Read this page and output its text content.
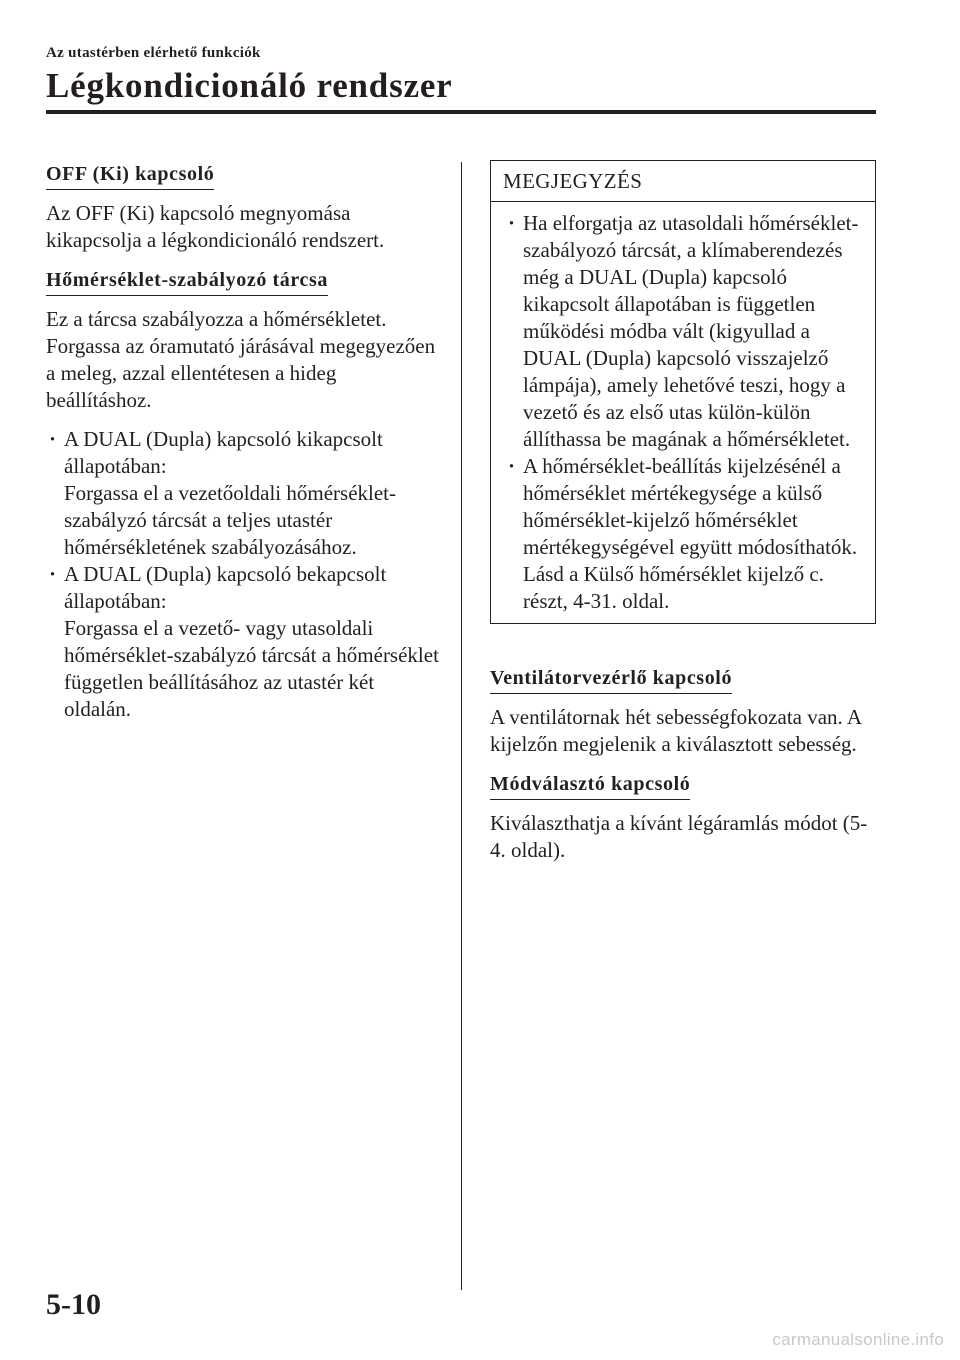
Az utastérben elérhető funkciók
Légkondicionáló rendszer
OFF (Ki) kapcsoló

Az OFF (Ki) kapcsoló megnyomása kikapcsolja a légkondicionáló rendszert.

Hőmérséklet-szabályozó tárcsa

Ez a tárcsa szabályozza a hőmérsékletet. Forgassa az óramutató járásával megegyezően a meleg, azzal ellentétesen a hideg beállításhoz.

· A DUAL (Dupla) kapcsoló kikapcsolt állapotában:
Forgassa el a vezetőoldali hőmérséklet-szabályzó tárcsát a teljes utastér hőmérsékletének szabályozásához.
· A DUAL (Dupla) kapcsoló bekapcsolt állapotában:
Forgassa el a vezető- vagy utasoldali hőmérséklet-szabályzó tárcsát a hőmérséklet független beállításához az utastér két oldalán.
MEGJEGYZÉS
· Ha elforgatja az utasoldali hőmérséklet-szabályozó tárcsát, a klímaberendezés még a DUAL (Dupla) kapcsoló kikapcsolt állapotában is független működési módba vált (kigyullad a DUAL (Dupla) kapcsoló visszajelző lámpája), amely lehetővé teszi, hogy a vezető és az első utas külön-külön állíthassa be magának a hőmérsékletet.
· A hőmérséklet-beállítás kijelzésénél a hőmérséklet mértékegysége a külső hőmérséklet-kijelző hőmérséklet mértékegységével együtt módosíthatók. Lásd a Külső hőmérséklet kijelző c. részt, 4-31. oldal.
Ventilátorvezérlő kapcsoló

A ventilátornak hét sebességfokozata van. A kijelzőn megjelenik a kiválasztott sebesség.

Módválasztó kapcsoló

Kiválaszthatja a kívánt légáramlás módot (5-4. oldal).

5-10
carmanualsonline.info
